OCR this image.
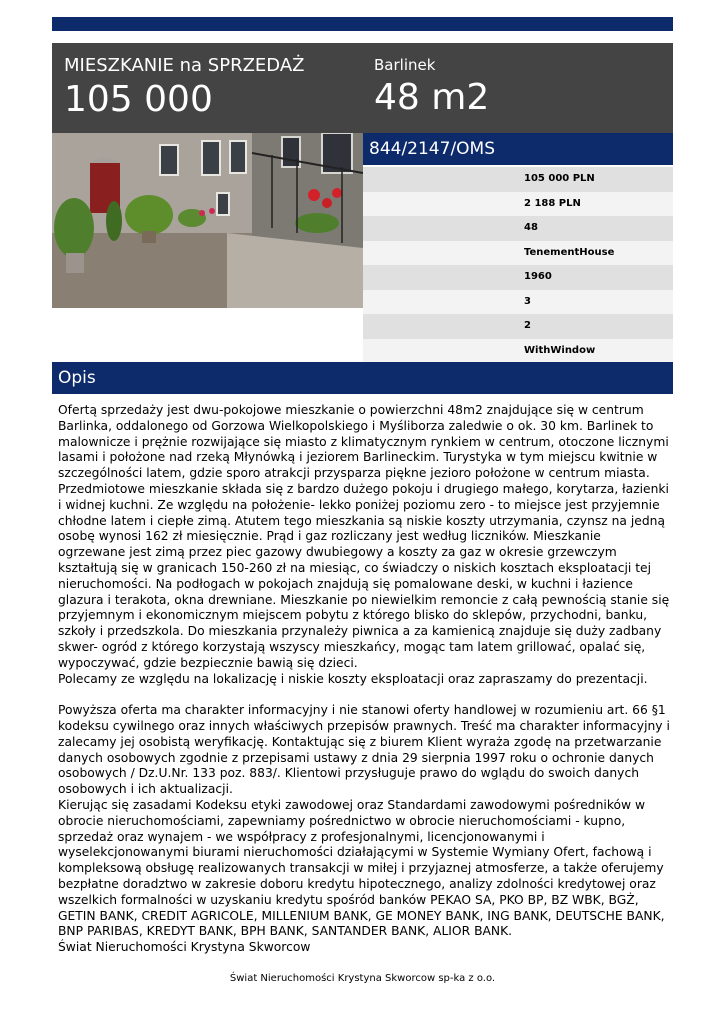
MIESZKANIE na SPRZEDAŻ
105 000
Barlinek
48 m2
844/2147/OMS
105 000 PLN
2 188 PLN
48
TenementHouse
1960
3
2
WithWindow
Opis
Ofertą sprzedaży jest dwu-pokojowe mieszkanie o powierzchni 48m2 znajdujące się w centrum
Barlinka, oddalonego od Gorzowa Wielkopolskiego i Myśliborza zaledwie o ok. 30 km. Barlinek to
malownicze i prężnie rozwijające się miasto z klimatycznym rynkiem w centrum, otoczone licznymi
lasami i położone nad rzeką Młynówką i jeziorem Barlineckim. Turystyka w tym miejscu kwitnie w
szczególności latem, gdzie sporo atrakcji przysparza piękne jezioro położone w centrum miasta.
Przedmiotowe mieszkanie składa się z bardzo dużego pokoju i drugiego małego, korytarza, łazienki
i widnej kuchni. Ze względu na położenie- lekko poniżej poziomu zero - to miejsce jest przyjemnie
chłodne latem i ciepłe zimą. Atutem tego mieszkania są niskie koszty utrzymania, czynsz na jedną
osobę wynosi 162 zł miesięcznie. Prąd i gaz rozliczany jest według liczników. Mieszkanie
ogrzewane jest zimą przez piec gazowy dwubiegowy a koszty za gaz w okresie grzewczym
kształtują się w granicach 150-260 zł na miesiąc, co świadczy o niskich kosztach eksploatacji tej
nieruchomości. Na podłogach w pokojach znajdują się pomalowane deski, w kuchni i łazience
glazura i terakota, okna drewniane. Mieszkanie po niewielkim remoncie z całą pewnością stanie się
przyjemnym i ekonomicznym miejscem pobytu z którego blisko do sklepów, przychodni, banku,
szkoły i przedszkola. Do mieszkania przynależy piwnica a za kamienicą znajduje się duży zadbany
skwer- ogród z którego korzystają wszyscy mieszkańcy, mogąc tam latem grillować, opalać się,
wypoczywać, gdzie bezpiecznie bawią się dzieci.
Polecamy ze względu na lokalizację i niskie koszty eksploatacji oraz zapraszamy do prezentacji.

Powyższa oferta ma charakter informacyjny i nie stanowi oferty handlowej w rozumieniu art. 66 §1
kodeksu cywilnego oraz innych właściwych przepisów prawnych. Treść ma charakter informacyjny i
zalecamy jej osobistą weryfikację. Kontaktując się z biurem Klient wyraża zgodę na przetwarzanie
danych osobowych zgodnie z przepisami ustawy z dnia 29 sierpnia 1997 roku o ochronie danych
osobowych / Dz.U.Nr. 133 poz. 883/. Klientowi przysługuje prawo do wglądu do swoich danych
osobowych i ich aktualizacji.
Kierując się zasadami Kodeksu etyki zawodowej oraz Standardami zawodowymi pośredników w
obrocie nieruchomościami, zapewniamy pośrednictwo w obrocie nieruchomościami - kupno,
sprzedaż oraz wynajem - we współpracy z profesjonalnymi, licencjonowanymi i
wyselekcjonowanymi biurami nieruchomości działającymi w Systemie Wymiany Ofert, fachową i
kompleksową obsługę realizowanych transakcji w miłej i przyjaznej atmosferze, a także oferujemy
bezpłatne doradztwo w zakresie doboru kredytu hipotecznego, analizy zdolności kredytowej oraz
wszelkich formalności w uzyskaniu kredytu spośród banków PEKAO SA, PKO BP, BZ WBK, BGŻ,
GETIN BANK, CREDIT AGRICOLE, MILLENIUM BANK, GE MONEY BANK, ING BANK, DEUTSCHE BANK,
BNP PARIBAS, KREDYT BANK, BPH BANK, SANTANDER BANK, ALIOR BANK.
Świat Nieruchomości Krystyna Skworcow
Świat Nieruchomości Krystyna Skworcow sp-ka z o.o.
